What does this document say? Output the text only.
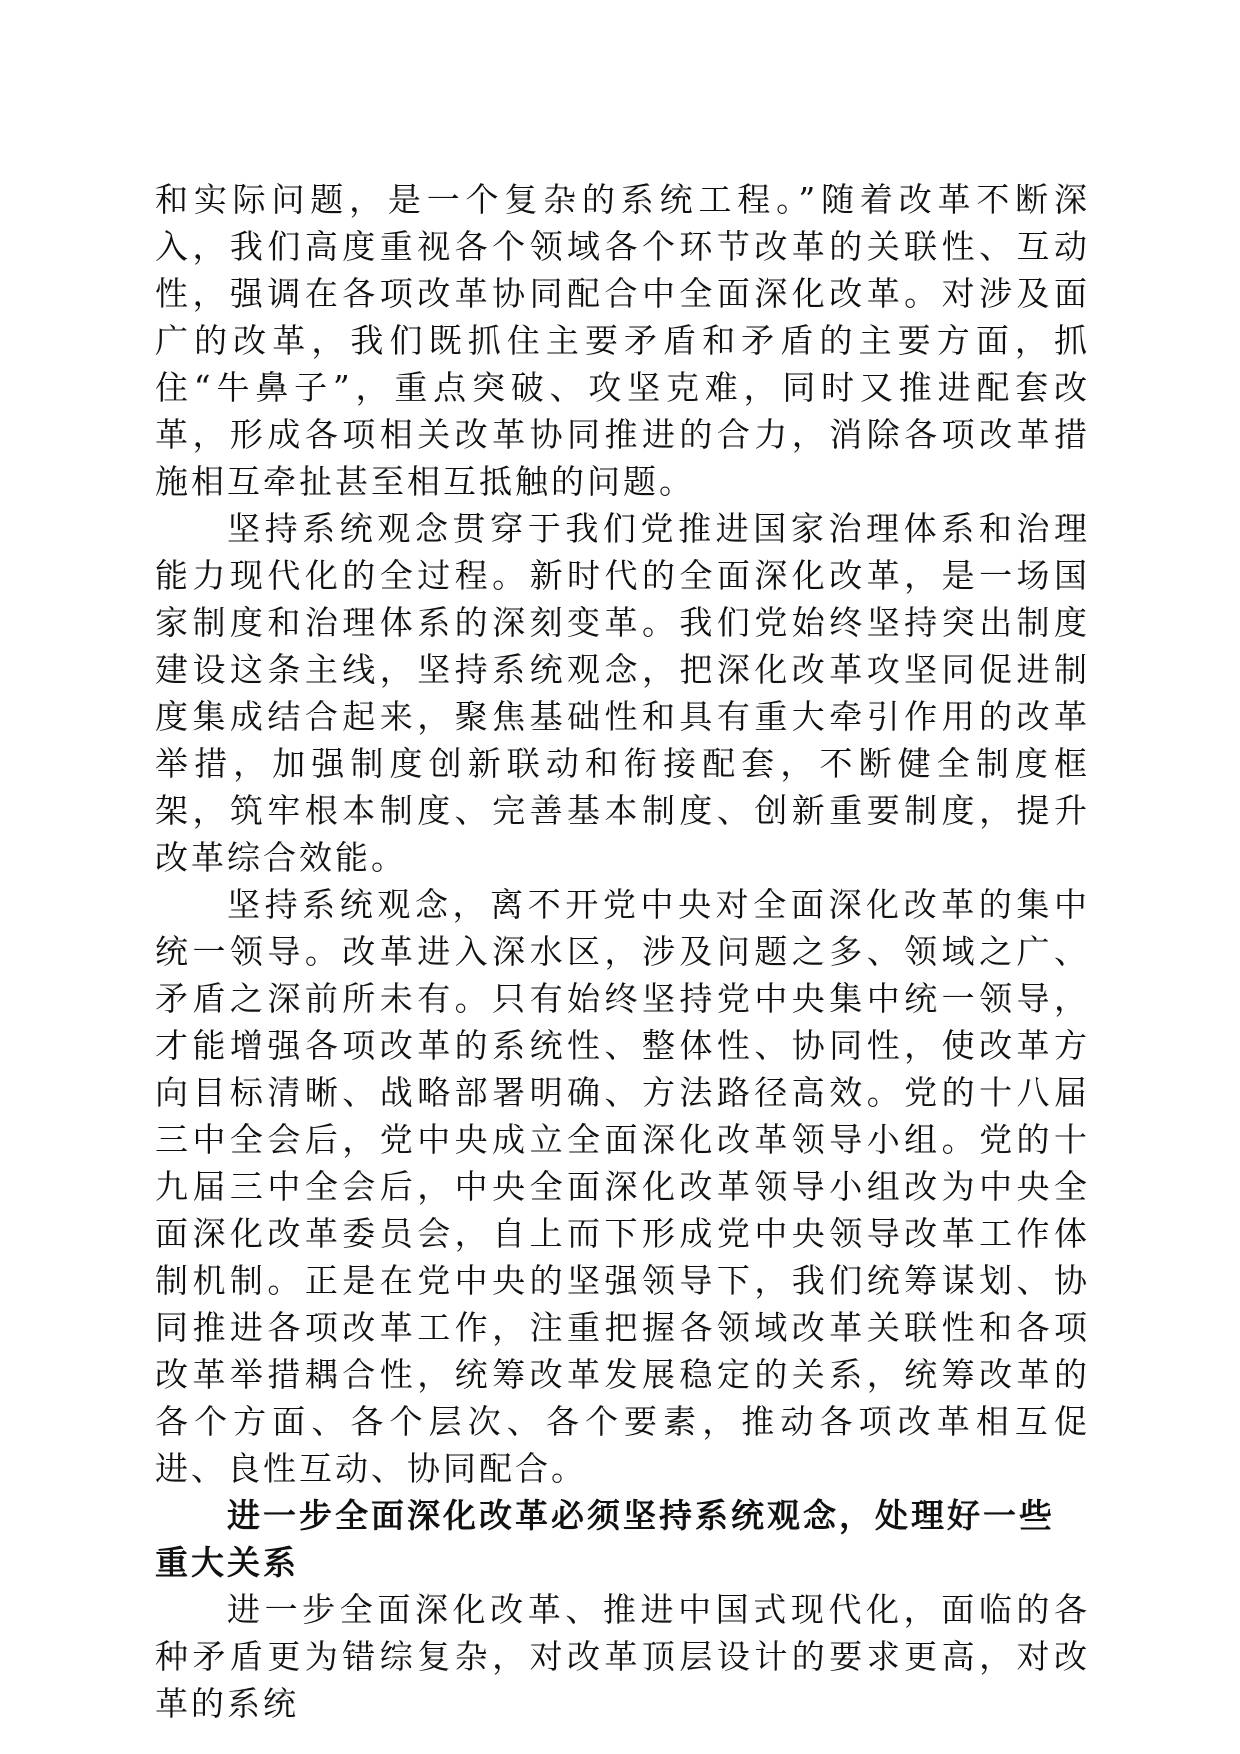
和实际问题，是一个复杂的系统工程。”随着改革不断深入，我们高度重视各个领域各个环节改革的关联性、互动性，强调在各项改革协同配合中全面深化改革。对涉及面广的改革，我们既抓住主要矛盾和矛盾的主要方面，抓住“牛鼻子”，重点突破、攻坚克难，同时又推进配套改革，形成各项相关改革协同推进的合力，消除各项改革措施相互牵扯甚至相互抵触的问题。

坚持系统观念贯穿于我们党推进国家治理体系和治理能力现代化的全过程。新时代的全面深化改革，是一场国家制度和治理体系的深刻变革。我们党始终坚持突出制度建设这条主线，坚持系统观念，把深化改革攻坚同促进制度集成结合起来，聚焦基础性和具有重大牵引作用的改革举措，加强制度创新联动和衔接配套，不断健全制度框架，筑牢根本制度、完善基本制度、创新重要制度，提升改革综合效能。

坚持系统观念，离不开党中央对全面深化改革的集中统一领导。改革进入深水区，涉及问题之多、领域之广、矛盾之深前所未有。只有始终坚持党中央集中统一领导，才能增强各项改革的系统性、整体性、协同性，使改革方向目标清晰、战略部署明确、方法路径高效。党的十八届三中全会后，党中央成立全面深化改革领导小组。党的十九届三中全会后，中央全面深化改革领导小组改为中央全面深化改革委员会，自上而下形成党中央领导改革工作体制机制。正是在党中央的坚强领导下，我们统筹谋划、协同推进各项改革工作，注重把握各领域改革关联性和各项改革举措耦合性，统筹改革发展稳定的关系，统筹改革的各个方面、各个层次、各个要素，推动各项改革相互促进、良性互动、协同配合。

进一步全面深化改革必须坚持系统观念，处理好一些重大关系

进一步全面深化改革、推进中国式现代化，面临的各种矛盾更为错综复杂，对改革顶层设计的要求更高，对改革的系统
